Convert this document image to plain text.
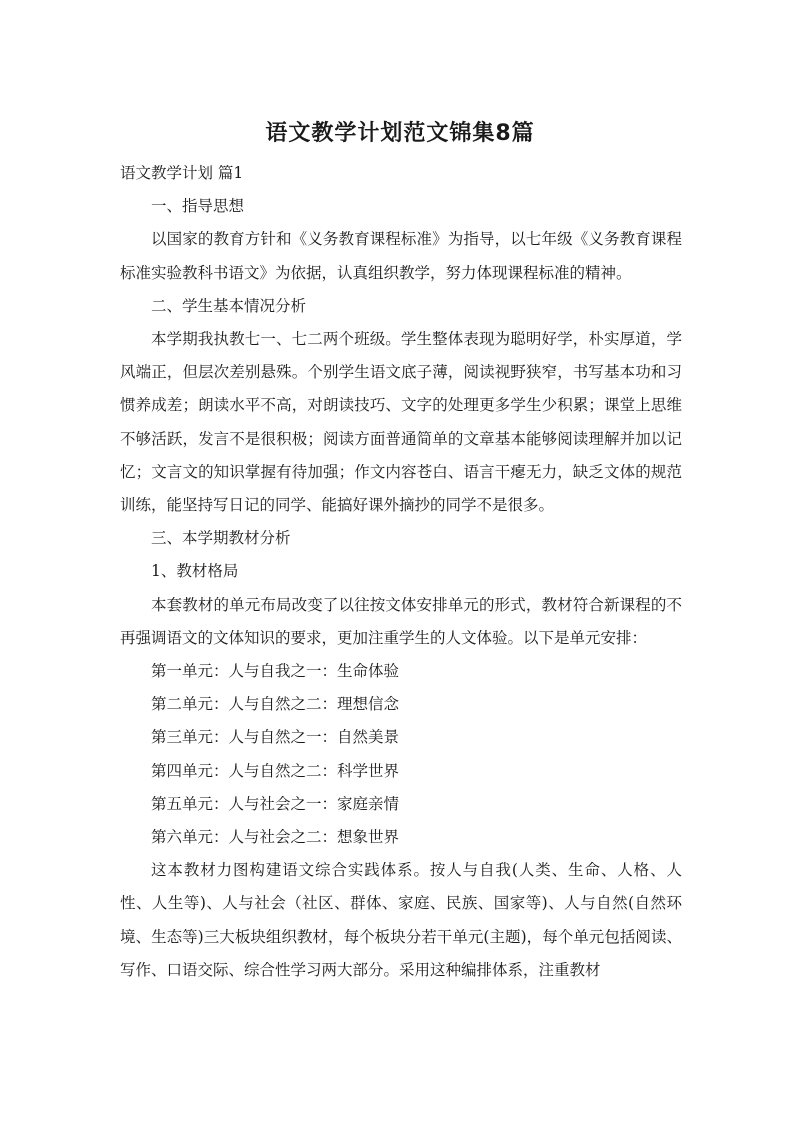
语文教学计划范文锦集8篇

语文教学计划 篇1

一、指导思想

以国家的教育方针和《义务教育课程标准》为指导，以七年级《义务教育课程标准实验教科书语文》为依据，认真组织教学，努力体现课程标准的精神。

二、学生基本情况分析

本学期我执教七一、七二两个班级。学生整体表现为聪明好学，朴实厚道，学风端正，但层次差别悬殊。个别学生语文底子薄，阅读视野狭窄，书写基本功和习惯养成差；朗读水平不高，对朗读技巧、文字的处理更多学生少积累；课堂上思维不够活跃，发言不是很积极；阅读方面普通简单的文章基本能够阅读理解并加以记忆；文言文的知识掌握有待加强；作文内容苍白、语言干瘪无力，缺乏文体的规范训练，能坚持写日记的同学、能搞好课外摘抄的同学不是很多。

三、本学期教材分析

1、教材格局

本套教材的单元布局改变了以往按文体安排单元的形式，教材符合新课程的不再强调语文的文体知识的要求，更加注重学生的人文体验。以下是单元安排：

第一单元：人与自我之一：生命体验

第二单元：人与自然之二：理想信念

第三单元：人与自然之一：自然美景

第四单元：人与自然之二：科学世界

第五单元：人与社会之一：家庭亲情

第六单元：人与社会之二：想象世界

这本教材力图构建语文综合实践体系。按人与自我(人类、生命、人格、人性、人生等)、人与社会（社区、群体、家庭、民族、国家等)、人与自然(自然环境、生态等)三大板块组织教材，每个板块分若干单元(主题)，每个单元包括阅读、写作、口语交际、综合性学习两大部分。采用这种编排体系，注重教材
